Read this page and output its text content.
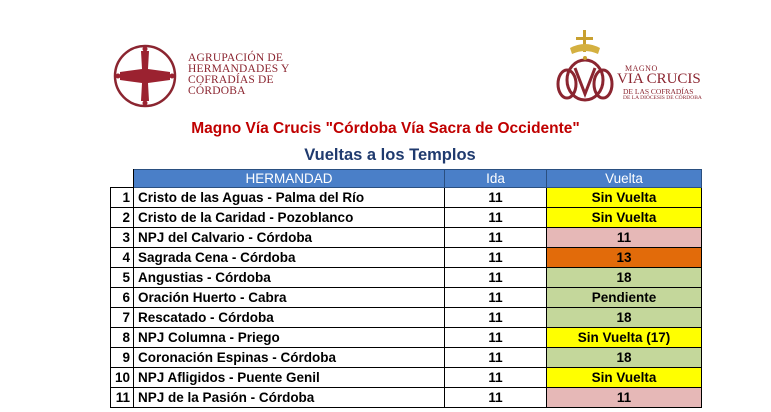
AGRUPACIÓN DE
HERMANDADES Y
COFRADÍAS DE
CÓRDOBA
MAGNO
VIA CRUCIS
DE LAS COFRADÍAS
DE LA DIÓCESIS DE CÓRDOBA
Magno Vía Crucis "Córdoba Vía Sacra de Occidente"
Vueltas a los Templos
	HERMANDAD	Ida	Vuelta
1	Cristo de las Aguas - Palma del Río	11	Sin Vuelta
2	Cristo de la Caridad - Pozoblanco	11	Sin Vuelta
3	NPJ del Calvario - Córdoba	11	11
4	Sagrada Cena - Córdoba	11	13
5	Angustias - Córdoba	11	18
6	Oración Huerto - Cabra	11	Pendiente
7	Rescatado - Córdoba	11	18
8	NPJ Columna - Priego	11	Sin Vuelta (17)
9	Coronación Espinas - Córdoba	11	18
10	NPJ Afligidos - Puente Genil	11	Sin Vuelta
11	NPJ de la Pasión - Córdoba	11	11
